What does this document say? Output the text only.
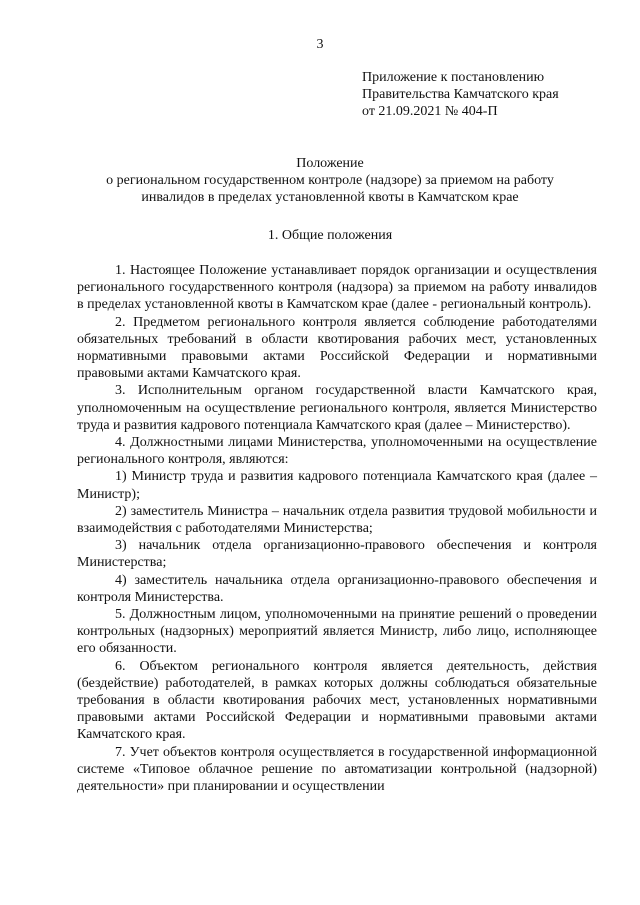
3
Приложение к постановлению
Правительства Камчатского края
от 21.09.2021 № 404-П
Положение
о региональном государственном контроле (надзоре) за приемом на работу
инвалидов в пределах установленной квоты в Камчатском крае
1. Общие положения

1. Настоящее Положение устанавливает порядок организации и осуществления регионального государственного контроля (надзора) за приемом на работу инвалидов в пределах установленной квоты в Камчатском крае (далее - региональный контроль).

2. Предметом регионального контроля является соблюдение работодателями обязательных требований в области квотирования рабочих мест, установленных нормативными правовыми актами Российской Федерации и нормативными правовыми актами Камчатского края.

3. Исполнительным органом государственной власти Камчатского края, уполномоченным на осуществление регионального контроля, является Министерство труда и развития кадрового потенциала Камчатского края (далее – Министерство).

4. Должностными лицами Министерства, уполномоченными на осуществление регионального контроля, являются:

1) Министр труда и развития кадрового потенциала Камчатского края (далее – Министр);

2) заместитель Министра – начальник отдела развития трудовой мобильности и взаимодействия с работодателями Министерства;

3) начальник отдела организационно-правового обеспечения и контроля Министерства;

4) заместитель начальника отдела организационно-правового обеспечения и контроля Министерства.

5. Должностным лицом, уполномоченными на принятие решений о проведении контрольных (надзорных) мероприятий является Министр, либо лицо, исполняющее его обязанности.

6. Объектом регионального контроля является деятельность, действия (бездействие) работодателей, в рамках которых должны соблюдаться обязательные требования в области квотирования рабочих мест, установленных нормативными правовыми актами Российской Федерации и нормативными правовыми актами Камчатского края.

7. Учет объектов контроля осуществляется в государственной информационной системе «Типовое облачное решение по автоматизации контрольной (надзорной) деятельности» при планировании и осуществлении
